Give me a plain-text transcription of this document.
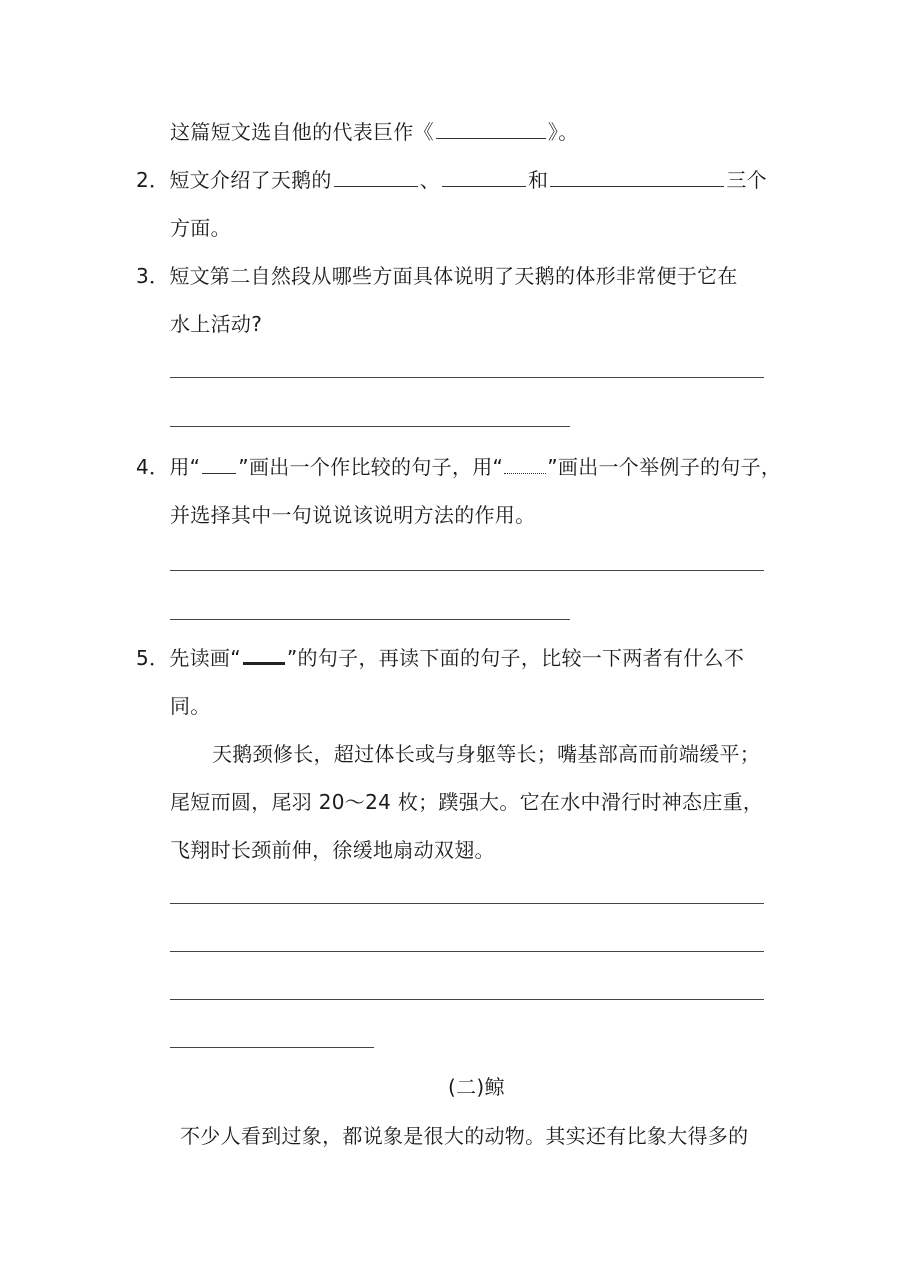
这篇短文选自他的代表巨作《	》。
2．短文介绍了天鹅的	、	和	三个
方面。
3．短文第二自然段从哪些方面具体说明了天鹅的体形非常便于它在
水上活动?
4．用“ ”画出一个作比较的句子，用“ ”画出一个举例子的句子，
并选择其中一句说说该说明方法的作用。
5．先读画“ ”的句子，再读下面的句子，比较一下两者有什么不
同。
天鹅颈修长，超过体长或与身躯等长；嘴基部高而前端缓平；
尾短而圆，尾羽 20～24 枚；蹼强大。它在水中滑行时神态庄重，
飞翔时长颈前伸，徐缓地扇动双翅。
(二)鲸
不少人看到过象，都说象是很大的动物。其实还有比象大得多的
